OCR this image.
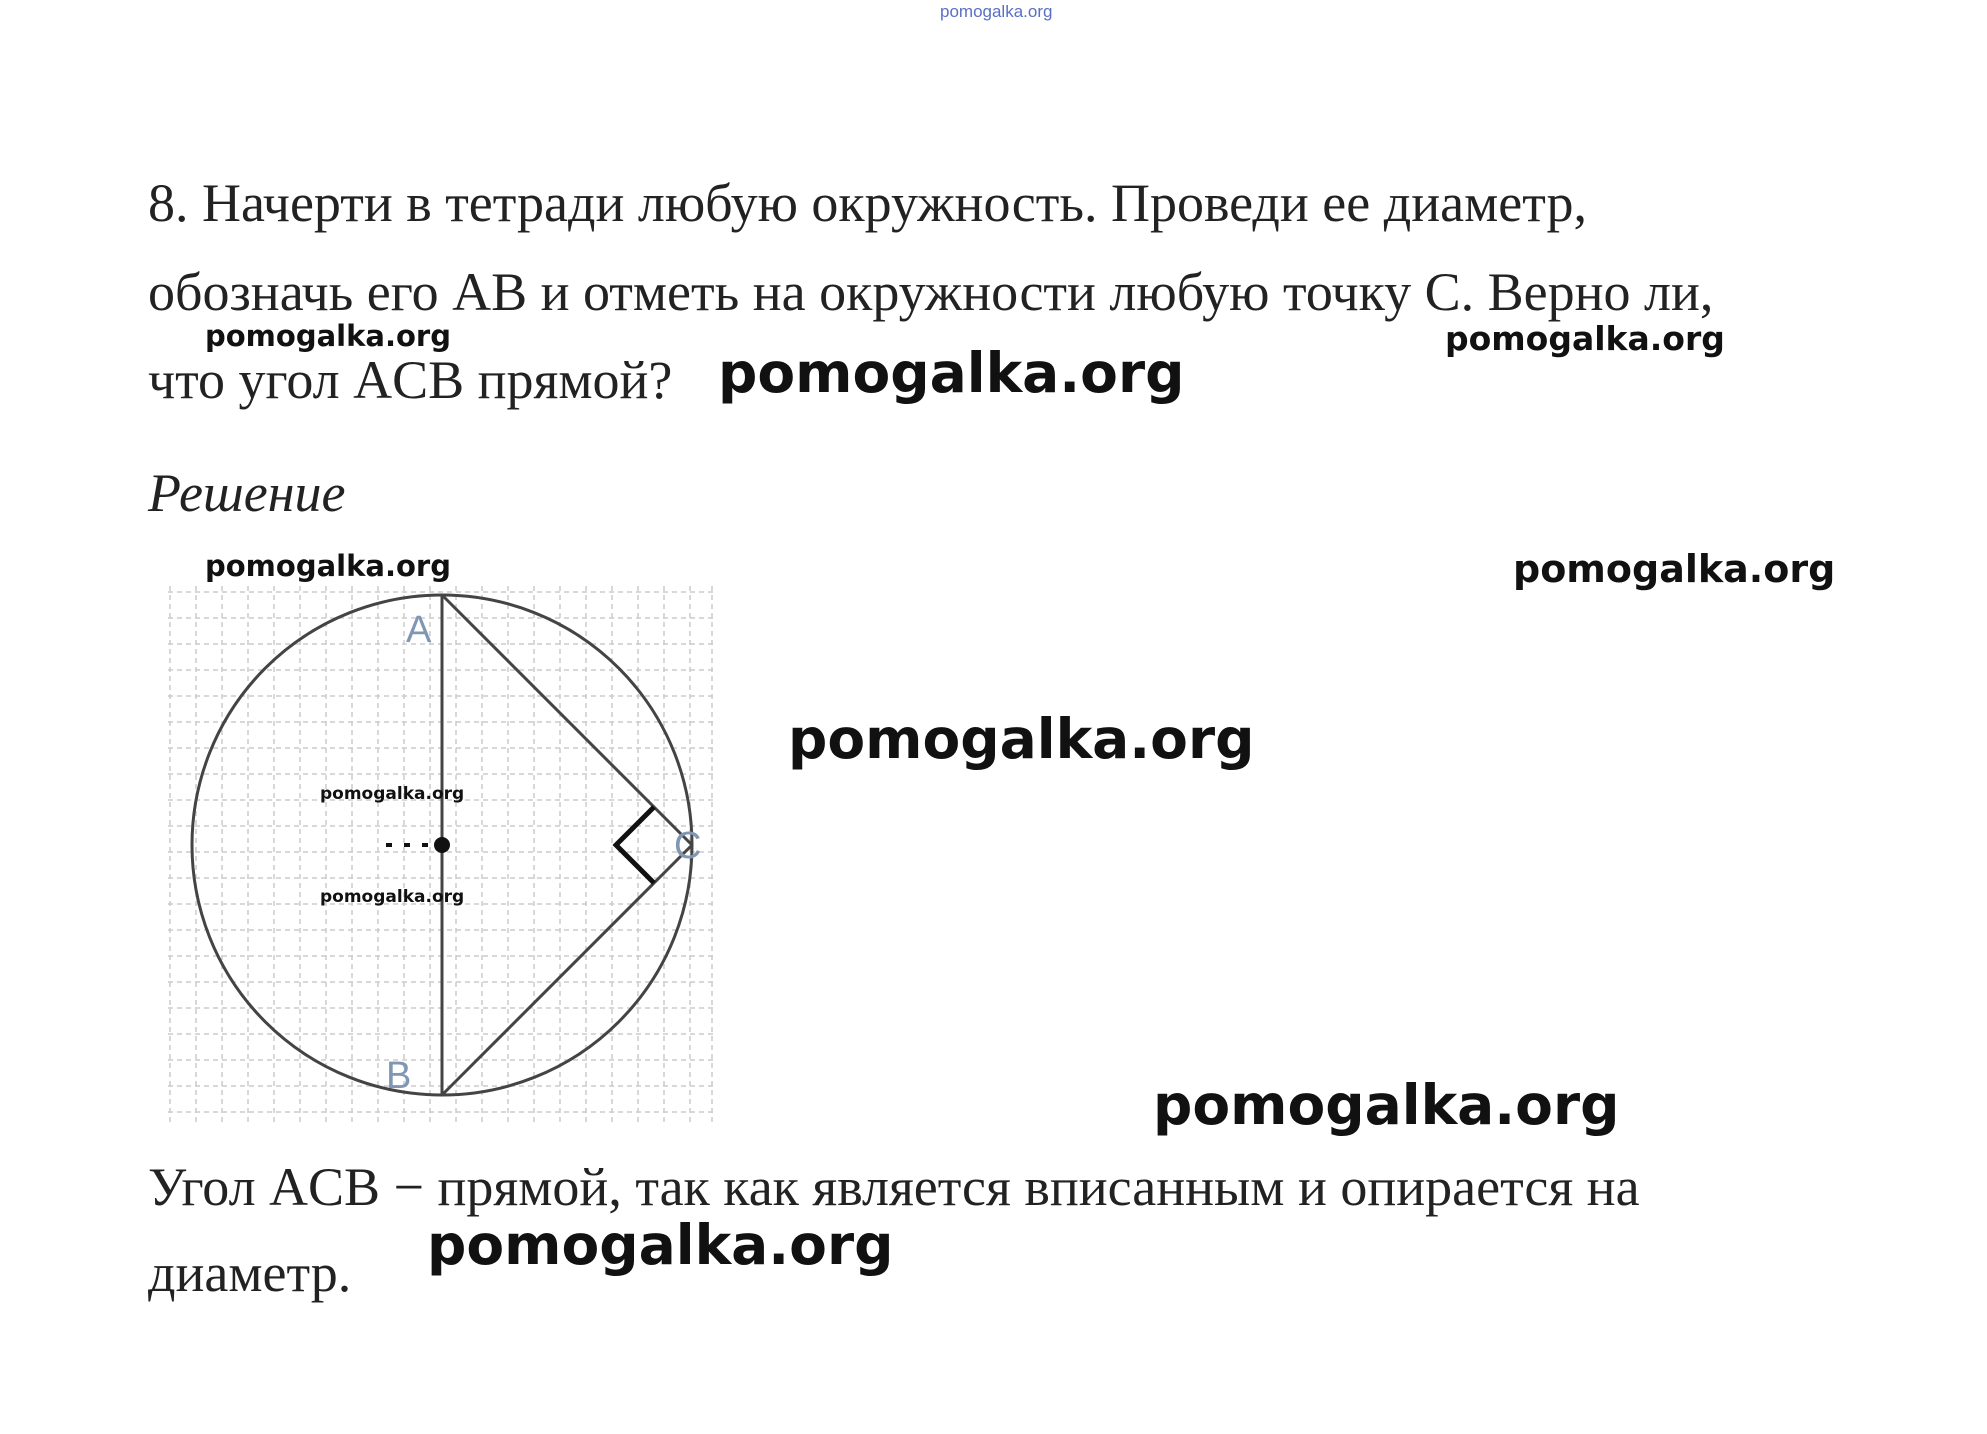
pomogalka.org
8. Начерти в тетради любую окружность. Проведи ее диаметр,
обозначь его AB и отметь на окружности любую точку C. Верно ли,
что угол ACB прямой?
Решение
A
B
C
Угол ACB − прямой, так как является вписанным и опирается на
диаметр.
pomogalka.org	pomogalka.org
pomogalka.org
pomogalka.org	pomogalka.org
pomogalka.org
pomogalka.org
pomogalka.org
pomogalka.org
pomogalka.org
